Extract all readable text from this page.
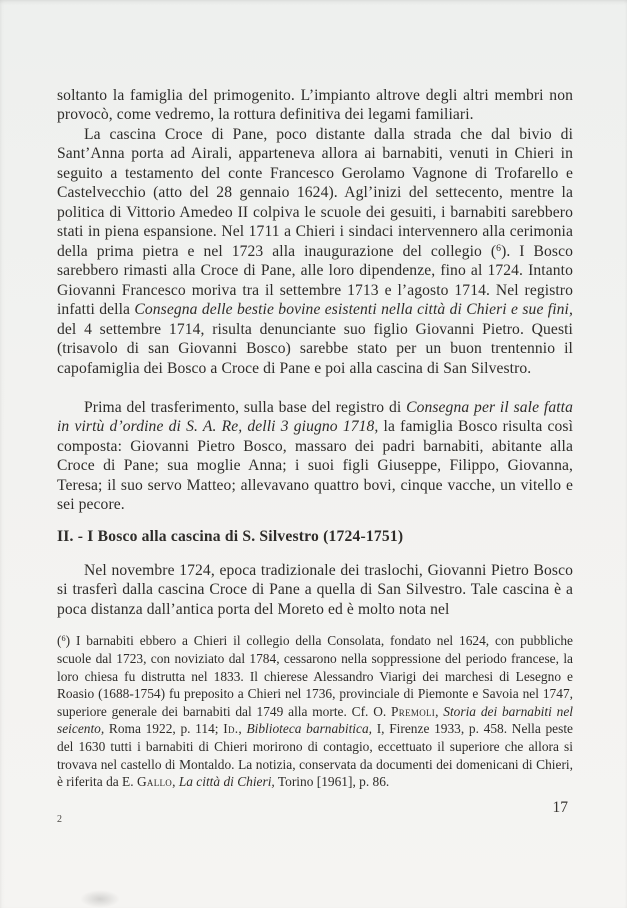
soltanto la famiglia del primogenito. L’impianto altrove degli altri membri non provocò, come vedremo, la rottura definitiva dei legami familiari.

La cascina Croce di Pane, poco distante dalla strada che dal bivio di Sant’Anna porta ad Airali, apparteneva allora ai barnabiti, venuti in Chieri in seguito a testamento del conte Francesco Gerolamo Vagnone di Trofarello e Castelvecchio (atto del 28 gennaio 1624). Agl’inizi del settecento, mentre la politica di Vittorio Amedeo II colpiva le scuole dei gesuiti, i barnabiti sarebbero stati in piena espansione. Nel 1711 a Chieri i sindaci intervennero alla cerimonia della prima pietra e nel 1723 alla inaugurazione del collegio ($^6$). I Bosco sarebbero rimasti alla Croce di Pane, alle loro dipendenze, fino al 1724. Intanto Giovanni Francesco moriva tra il settembre 1713 e l’agosto 1714. Nel registro infatti della Consegna delle bestie bovine esistenti nella città di Chieri e sue fini, del 4 settembre 1714, risulta denunciante suo figlio Giovanni Pietro. Questi (trisavolo di san Giovanni Bosco) sarebbe stato per un buon trentennio il capofamiglia dei Bosco a Croce di Pane e poi alla cascina di San Silvestro.

Prima del trasferimento, sulla base del registro di Consegna per il sale fatta in virtù d’ordine di S. A. Re, delli 3 giugno 1718, la famiglia Bosco risulta così composta: Giovanni Pietro Bosco, massaro dei padri barnabiti, abitante alla Croce di Pane; sua moglie Anna; i suoi figli Giuseppe, Filippo, Giovanna, Teresa; il suo servo Matteo; allevavano quattro bovi, cinque vacche, un vitello e sei pecore.

II. - I Bosco alla cascina di S. Silvestro (1724-1751)

Nel novembre 1724, epoca tradizionale dei traslochi, Giovanni Pietro Bosco si trasferì dalla cascina Croce di Pane a quella di San Silvestro. Tale cascina è a poca distanza dall’antica porta del Moreto ed è molto nota nel

($^6$) I barnabiti ebbero a Chieri il collegio della Consolata, fondato nel 1624, con pubbliche scuole dal 1723, con noviziato dal 1784, cessarono nella soppressione del periodo francese, la loro chiesa fu distrutta nel 1833. Il chierese Alessandro Viarigi dei marchesi di Lesegno e Roasio (1688-1754) fu preposito a Chieri nel 1736, provinciale di Piemonte e Savoia nel 1747, superiore generale dei barnabiti dal 1749 alla morte. Cf. O. Premoli, Storia dei barnabiti nel seicento, Roma 1922, p. 114; Id., Biblioteca barnabitica, I, Firenze 1933, p. 458. Nella peste del 1630 tutti i barnabiti di Chieri morirono di contagio, eccettuato il superiore che allora si trovava nel castello di Montaldo. La notizia, conservata da documenti dei domenicani di Chieri, è riferita da E. Gallo, La città di Chieri, Torino [1961], p. 86.

17
2
